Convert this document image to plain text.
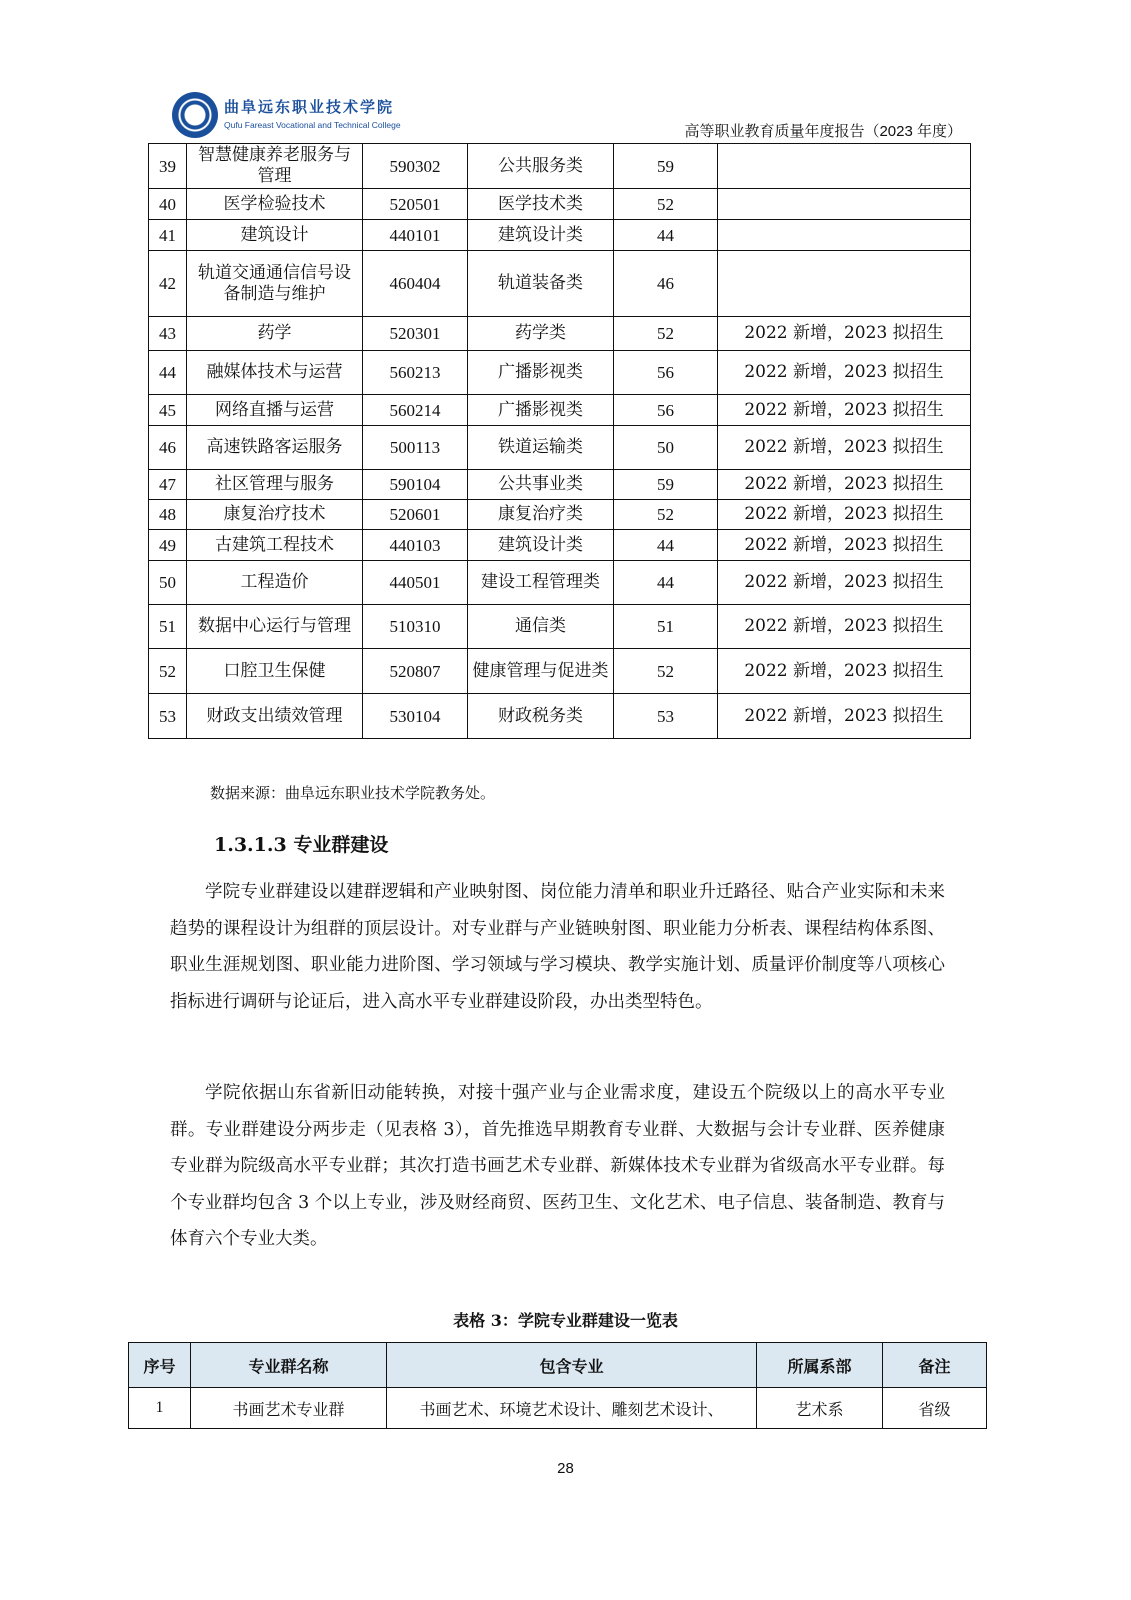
曲阜远东职业技术学院
Qufu Fareast Vocational and Technical College	高等职业教育质量年度报告（2023 年度）
39	智慧健康养老服务与管理	590302	公共服务类	59	
40	医学检验技术	520501	医学技术类	52	
41	建筑设计	440101	建筑设计类	44	
42	轨道交通通信信号设备制造与维护	460404	轨道装备类	46	
43	药学	520301	药学类	52	2022 新增，2023 拟招生
44	融媒体技术与运营	560213	广播影视类	56	2022 新增，2023 拟招生
45	网络直播与运营	560214	广播影视类	56	2022 新增，2023 拟招生
46	高速铁路客运服务	500113	铁道运输类	50	2022 新增，2023 拟招生
47	社区管理与服务	590104	公共事业类	59	2022 新增，2023 拟招生
48	康复治疗技术	520601	康复治疗类	52	2022 新增，2023 拟招生
49	古建筑工程技术	440103	建筑设计类	44	2022 新增，2023 拟招生
50	工程造价	440501	建设工程管理类	44	2022 新增，2023 拟招生
51	数据中心运行与管理	510310	通信类	51	2022 新增，2023 拟招生
52	口腔卫生保健	520807	健康管理与促进类	52	2022 新增，2023 拟招生
53	财政支出绩效管理	530104	财政税务类	53	2022 新增，2023 拟招生
数据来源：曲阜远东职业技术学院教务处。
1.3.1.3 专业群建设

学院专业群建设以建群逻辑和产业映射图、岗位能力清单和职业升迁路径、贴合产业实际和未来趋势的课程设计为组群的顶层设计。对专业群与产业链映射图、职业能力分析表、课程结构体系图、职业生涯规划图、职业能力进阶图、学习领域与学习模块、教学实施计划、质量评价制度等八项核心指标进行调研与论证后，进入高水平专业群建设阶段，办出类型特色。

学院依据山东省新旧动能转换，对接十强产业与企业需求度，建设五个院级以上的高水平专业群。专业群建设分两步走（见表格 3），首先推选早期教育专业群、大数据与会计专业群、医养健康专业群为院级高水平专业群；其次打造书画艺术专业群、新媒体技术专业群为省级高水平专业群。每个专业群均包含 3 个以上专业，涉及财经商贸、医药卫生、文化艺术、电子信息、装备制造、教育与体育六个专业大类。

表格 3：学院专业群建设一览表
序号	专业群名称	包含专业	所属系部	备注
1	书画艺术专业群	书画艺术、环境艺术设计、雕刻艺术设计、	艺术系	省级
28
